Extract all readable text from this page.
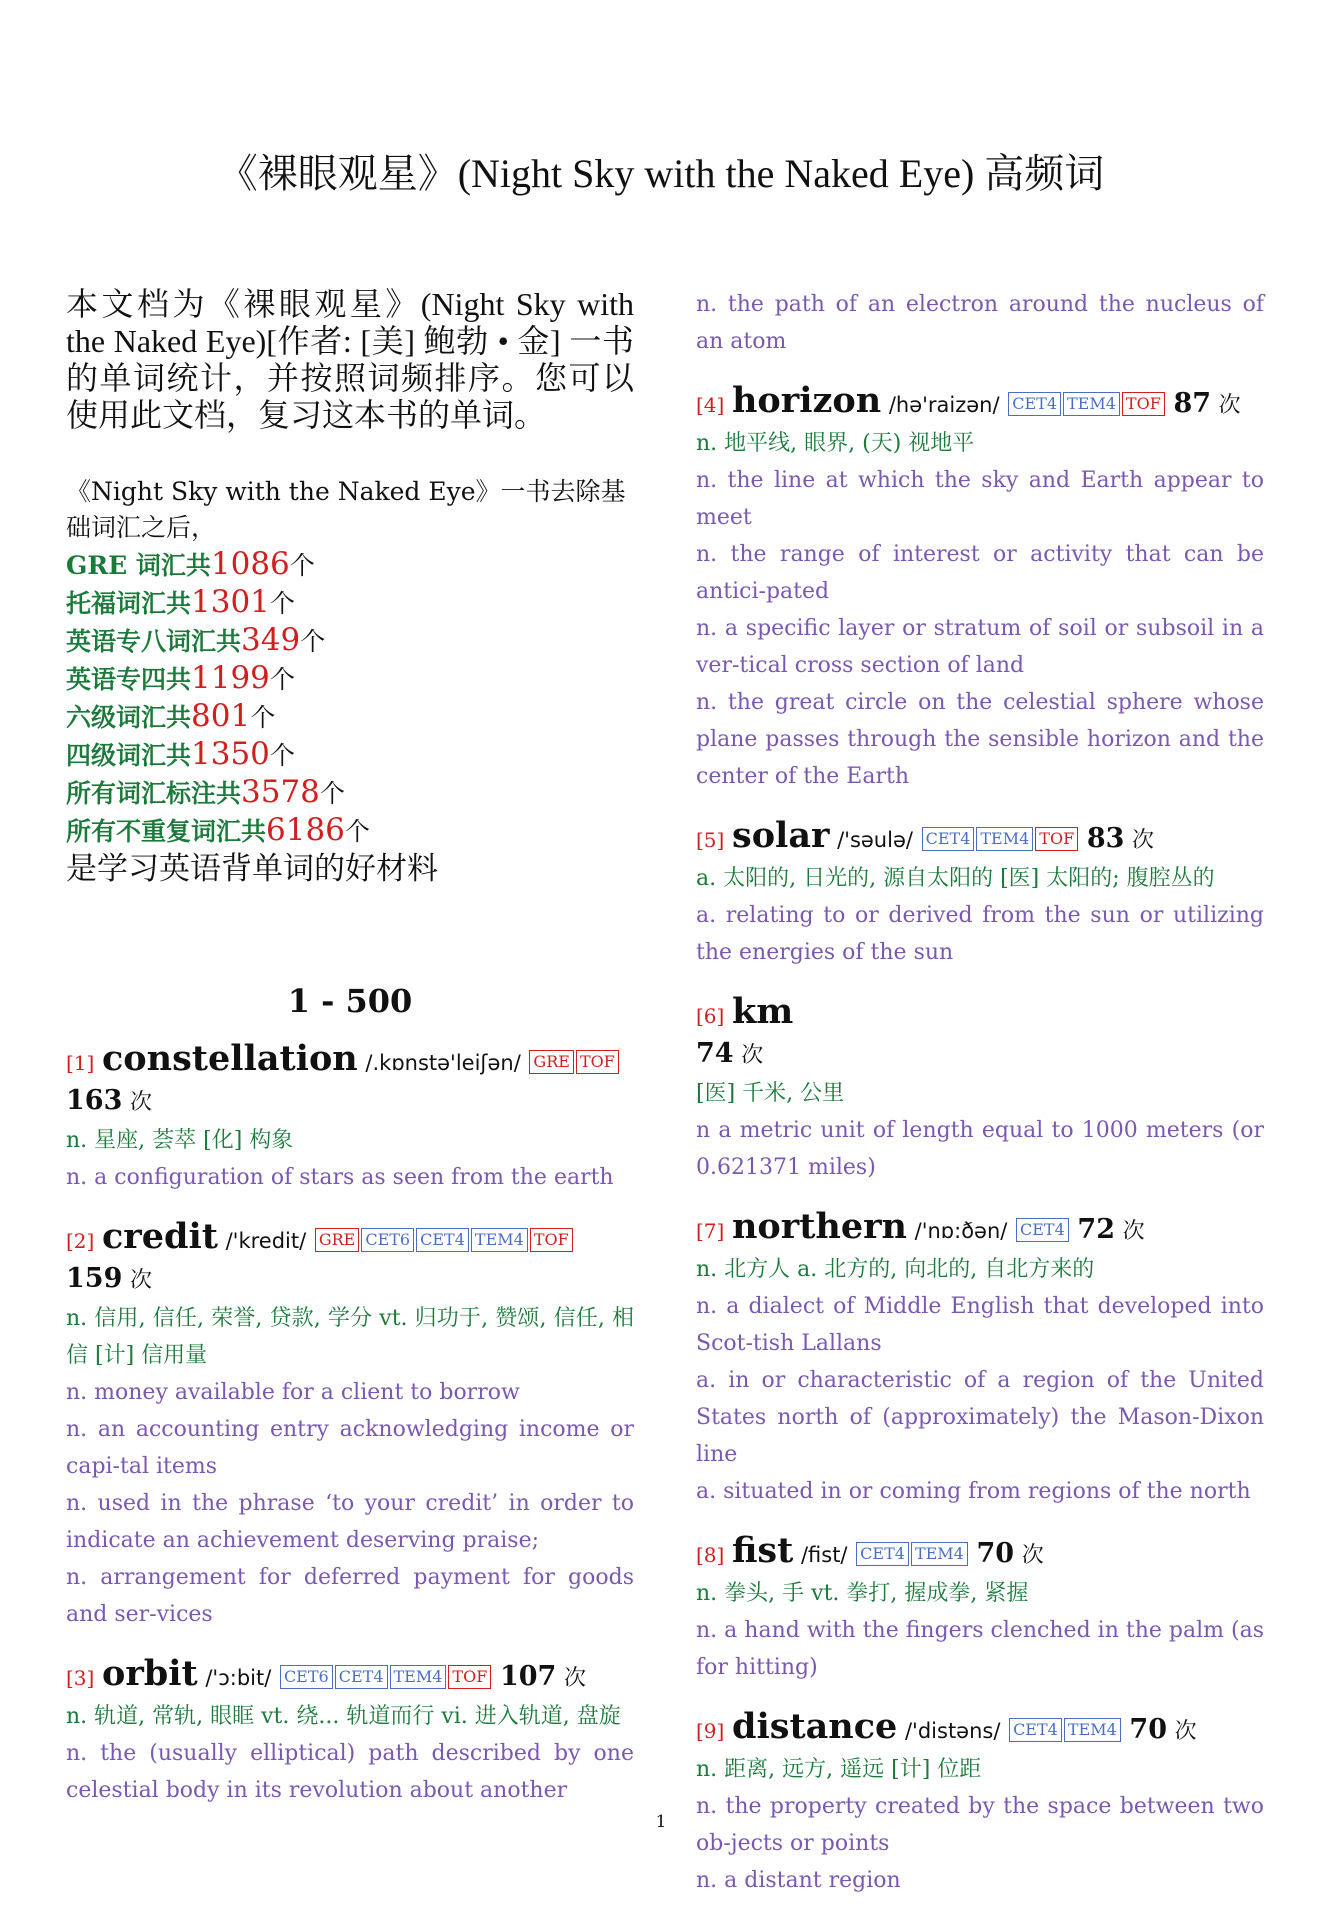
《裸眼观星》(Night Sky with the Naked Eye) 高频词
本文档为《裸眼观星》(Night Sky with the Naked Eye)[作者: [美] 鲍勃 • 金] 一书的单词统计，并按照词频排序。您可以使用此文档，复习这本书的单词。
《Night Sky with the Naked Eye》一书去除基础词汇之后，
GRE 词汇共1086个
托福词汇共1301个
英语专八词汇共349个
英语专四共1199个
六级词汇共801个
四级词汇共1350个
所有词汇标注共3578个
所有不重复词汇共6186个
是学习英语背单词的好材料
1 - 500
[1] constellation /.kɒnstə'leiʃən/ GRE TOF 163 次
n. 星座, 荟萃 [化] 构象
n. a configuration of stars as seen from the earth
[2] credit /'kredit/ GRE CET6 CET4 TEM4 TOF 159 次
n. 信用, 信任, 荣誉, 贷款, 学分 vt. 归功于, 赞颂, 信任, 相信 [计] 信用量
n. money available for a client to borrow
n. an accounting entry acknowledging income or capi-tal items
n. used in the phrase ‘to your credit’ in order to indicate an achievement deserving praise;
n. arrangement for deferred payment for goods and ser-vices
[3] orbit /'ɔ:bit/ CET6 CET4 TEM4 TOF 107 次
n. 轨道, 常轨, 眼眶 vt. 绕... 轨道而行 vi. 进入轨道, 盘旋
n. the (usually elliptical) path described by one celestial body in its revolution about another
n. the path of an electron around the nucleus of an atom
[4] horizon /hə'raizən/ CET4 TEM4 TOF 87 次
n. 地平线, 眼界, (天) 视地平
n. the line at which the sky and Earth appear to meet
n. the range of interest or activity that can be antici-pated
n. a specific layer or stratum of soil or subsoil in a ver-tical cross section of land
n. the great circle on the celestial sphere whose plane passes through the sensible horizon and the center of the Earth
[5] solar /'səulə/ CET4 TEM4 TOF 83 次
a. 太阳的, 日光的, 源自太阳的 [医] 太阳的; 腹腔丛的
a. relating to or derived from the sun or utilizing the energies of the sun
[6] km
74 次
[医] 千米, 公里
n a metric unit of length equal to 1000 meters (or 0.621371 miles)
[7] northern /'nɒ:ðən/ CET4 72 次
n. 北方人 a. 北方的, 向北的, 自北方来的
n. a dialect of Middle English that developed into Scot-tish Lallans
a. in or characteristic of a region of the United States north of (approximately) the Mason-Dixon line
a. situated in or coming from regions of the north
[8] fist /fist/ CET4 TEM4 70 次
n. 拳头, 手 vt. 拳打, 握成拳, 紧握
n. a hand with the fingers clenched in the palm (as for hitting)
[9] distance /'distəns/ CET4 TEM4 70 次
n. 距离, 远方, 遥远 [计] 位距
n. the property created by the space between two ob-jects or points
n. a distant region
1
